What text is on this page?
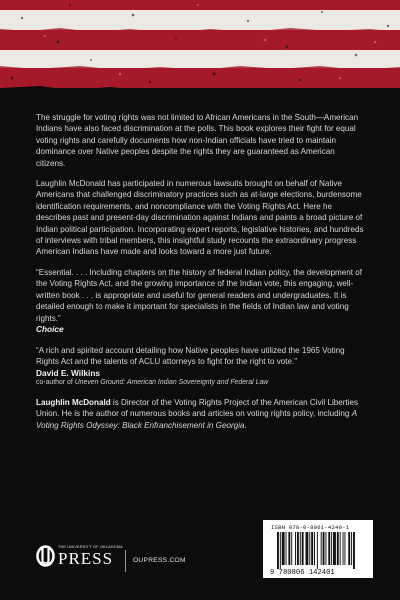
The struggle for voting rights was not limited to African Americans in the South—American Indians have also faced discrimination at the polls. This book explores their fight for equal voting rights and carefully documents how non-Indian officials have tried to maintain dominance over Native peoples despite the rights they are guaranteed as American citizens.

Laughlin McDonald has participated in numerous lawsuits brought on behalf of Native Americans that challenged discriminatory practices such as at-large elections, burdensome identification requirements, and noncompliance with the Voting Rights Act. Here he describes past and present-day discrimination against Indians and paints a broad picture of Indian political participation. Incorporating expert reports, legislative histories, and hundreds of interviews with tribal members, this insightful study recounts the extraordinary progress American Indians have made and looks toward a more just future.

“Essential. . . . Including chapters on the history of federal Indian policy, the development of the Voting Rights Act, and the growing importance of the Indian vote, this engaging, well-written book . . . is appropriate and useful for general readers and undergraduates. It is detailed enough to make it important for specialists in the fields of Indian law and voting rights.”

Choice

“A rich and spirited account detailing how Native peoples have utilized the 1965 Voting Rights Act and the talents of ACLU attorneys to fight for the right to vote.”

David E. Wilkins
co-author of Uneven Ground: American Indian Sovereignty and Federal Law

Laughlin McDonald is Director of the Voting Rights Project of the American Civil Liberties Union. He is the author of numerous books and articles on voting rights policy, including A Voting Rights Odyssey: Black Enfranchisement in Georgia.

THE UNIVERSITY OF OKLAHOMA
PRESS	OUPRESS.COM
ISBN 978-0-8061-4240-1
9 780806 142401
